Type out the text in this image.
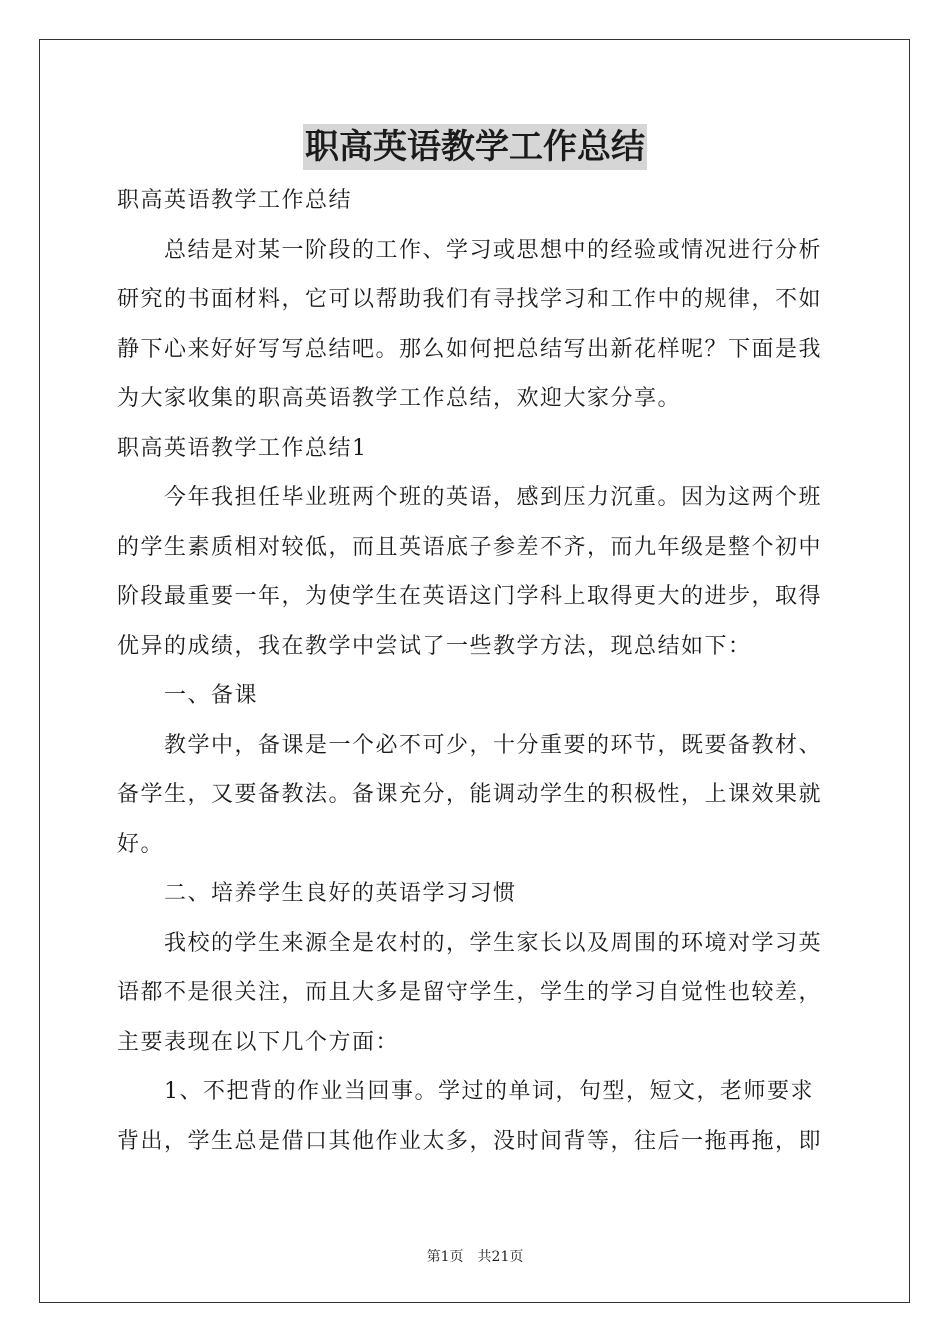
职高英语教学工作总结

职高英语教学工作总结

总结是对某一阶段的工作、学习或思想中的经验或情况进行分析研究的书面材料，它可以帮助我们有寻找学习和工作中的规律，不如静下心来好好写写总结吧。那么如何把总结写出新花样呢？下面是我为大家收集的职高英语教学工作总结，欢迎大家分享。

职高英语教学工作总结1

今年我担任毕业班两个班的英语，感到压力沉重。因为这两个班的学生素质相对较低，而且英语底子参差不齐，而九年级是整个初中阶段最重要一年，为使学生在英语这门学科上取得更大的进步，取得优异的成绩，我在教学中尝试了一些教学方法，现总结如下：

一、备课

教学中，备课是一个必不可少，十分重要的环节，既要备教材、备学生，又要备教法。备课充分，能调动学生的积极性，上课效果就好。

二、培养学生良好的英语学习习惯

我校的学生来源全是农村的，学生家长以及周围的环境对学习英语都不是很关注，而且大多是留守学生，学生的学习自觉性也较差，主要表现在以下几个方面：

1、不把背的作业当回事。学过的单词，句型，短文，老师要求背出，学生总是借口其他作业太多，没时间背等，往后一拖再拖，即

第1页 共21页
